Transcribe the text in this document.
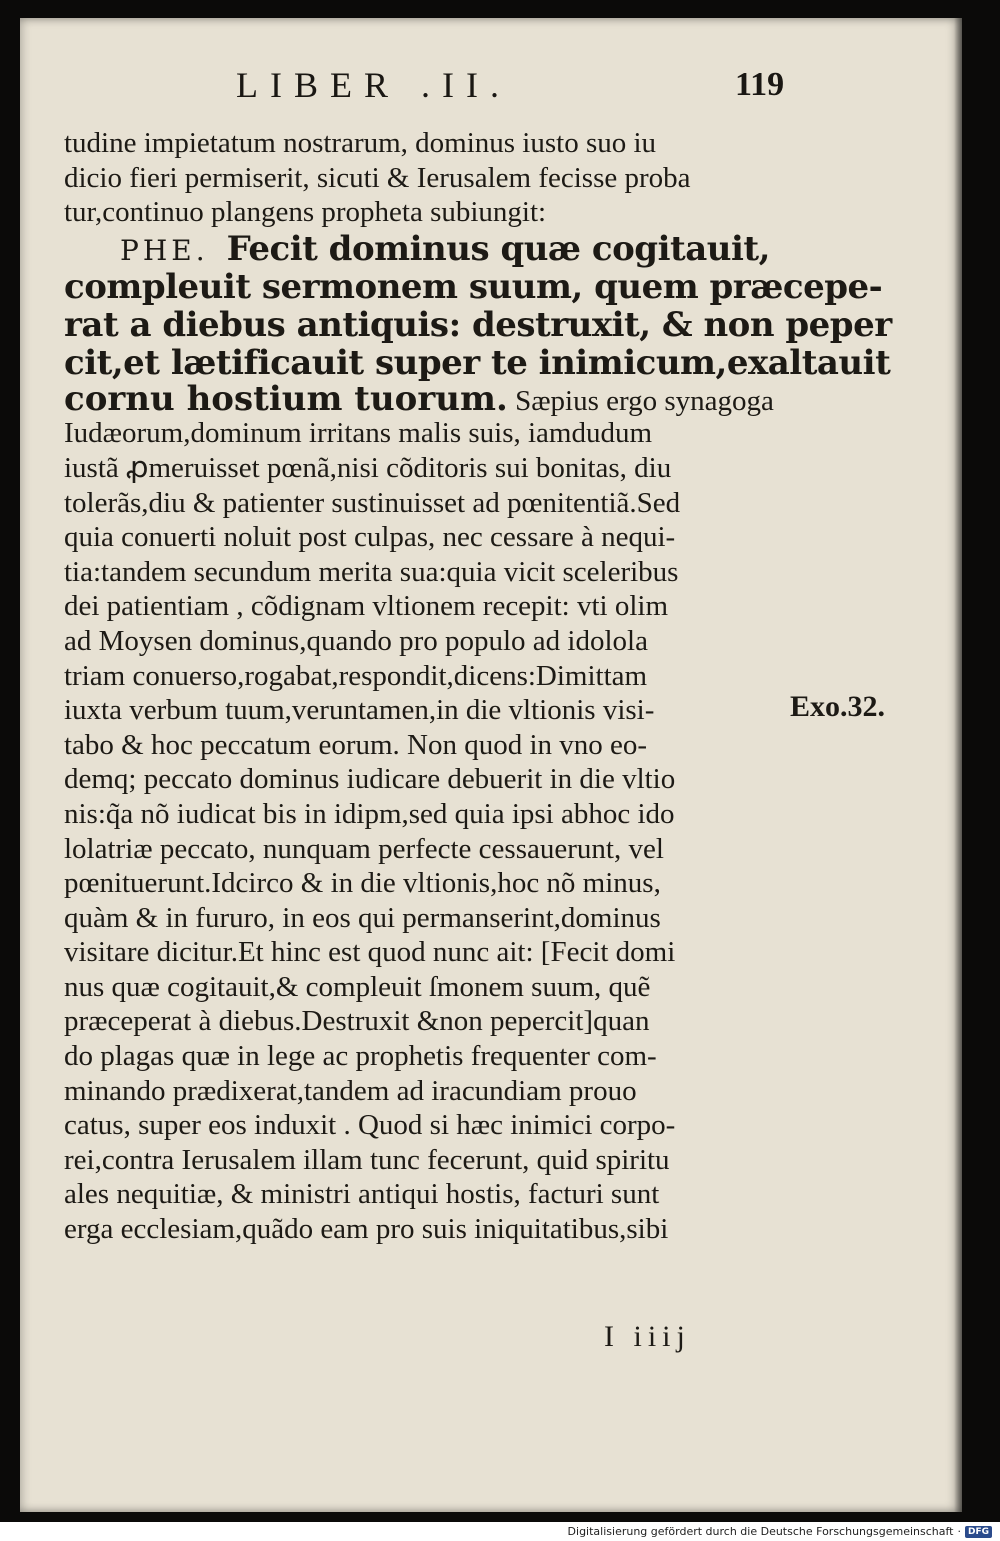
LIBER .II.	119
tudine impietatum nostrarum, dominus iusto suo iu
dicio fieri permiserit, sicuti & Ierusalem fecisse proba
tur,continuo plangens propheta subiungit:
PHE. Fecit dominus quæ cogitauit,
compleuit sermonem suum, quem præcepe-
rat a diebus antiquis: destruxit, & non peper
cit,et lætificauit super te inimicum,exaltauit
cornu hostium tuorum. Sæpius ergo synagoga
Iudæorum,dominum irritans malis suis, iamdudum
iustã ꝓmeruisset pœnã,nisi cõditoris sui bonitas, diu
tolerãs,diu & patienter sustinuisset ad pœnitentiã.Sed
quia conuerti noluit post culpas, nec cessare à nequi-
tia:tandem secundum merita sua:quia vicit sceleribus
dei patientiam , cõdignam vltionem recepit: vti olim
ad Moysen dominus,quando pro populo ad idolola
triam conuerso,rogabat,respondit,dicens:Dimittam
iuxta verbum tuum,veruntamen,in die vltionis visi-
tabo & hoc peccatum eorum. Non quod in vno eo-
demq; peccato dominus iudicare debuerit in die vltio
nis:q̃a nõ iudicat bis in idipm,sed quia ipsi abhoc ido
lolatriæ peccato, nunquam perfecte cessauerunt, vel
pœnituerunt.Idcirco & in die vltionis,hoc nõ minus,
quàm & in fururo, in eos qui permanserint,dominus
visitare dicitur.Et hinc est quod nunc ait: [Fecit domi
nus quæ cogitauit,& compleuit ſmonem suum, quẽ
præceperat à diebus.Destruxit &non pepercit]quan
do plagas quæ in lege ac prophetis frequenter com-
minando prædixerat,tandem ad iracundiam prouo
catus, super eos induxit . Quod si hæc inimici corpo-
rei,contra Ierusalem illam tunc fecerunt, quid spiritu
ales nequitiæ, & ministri antiqui hostis, facturi sunt
erga ecclesiam,quãdo eam pro suis iniquitatibus,sibi
Exo.32.
I iiij
Digitalisierung gefördert durch die Deutsche Forschungsgemeinschaft · DFG
